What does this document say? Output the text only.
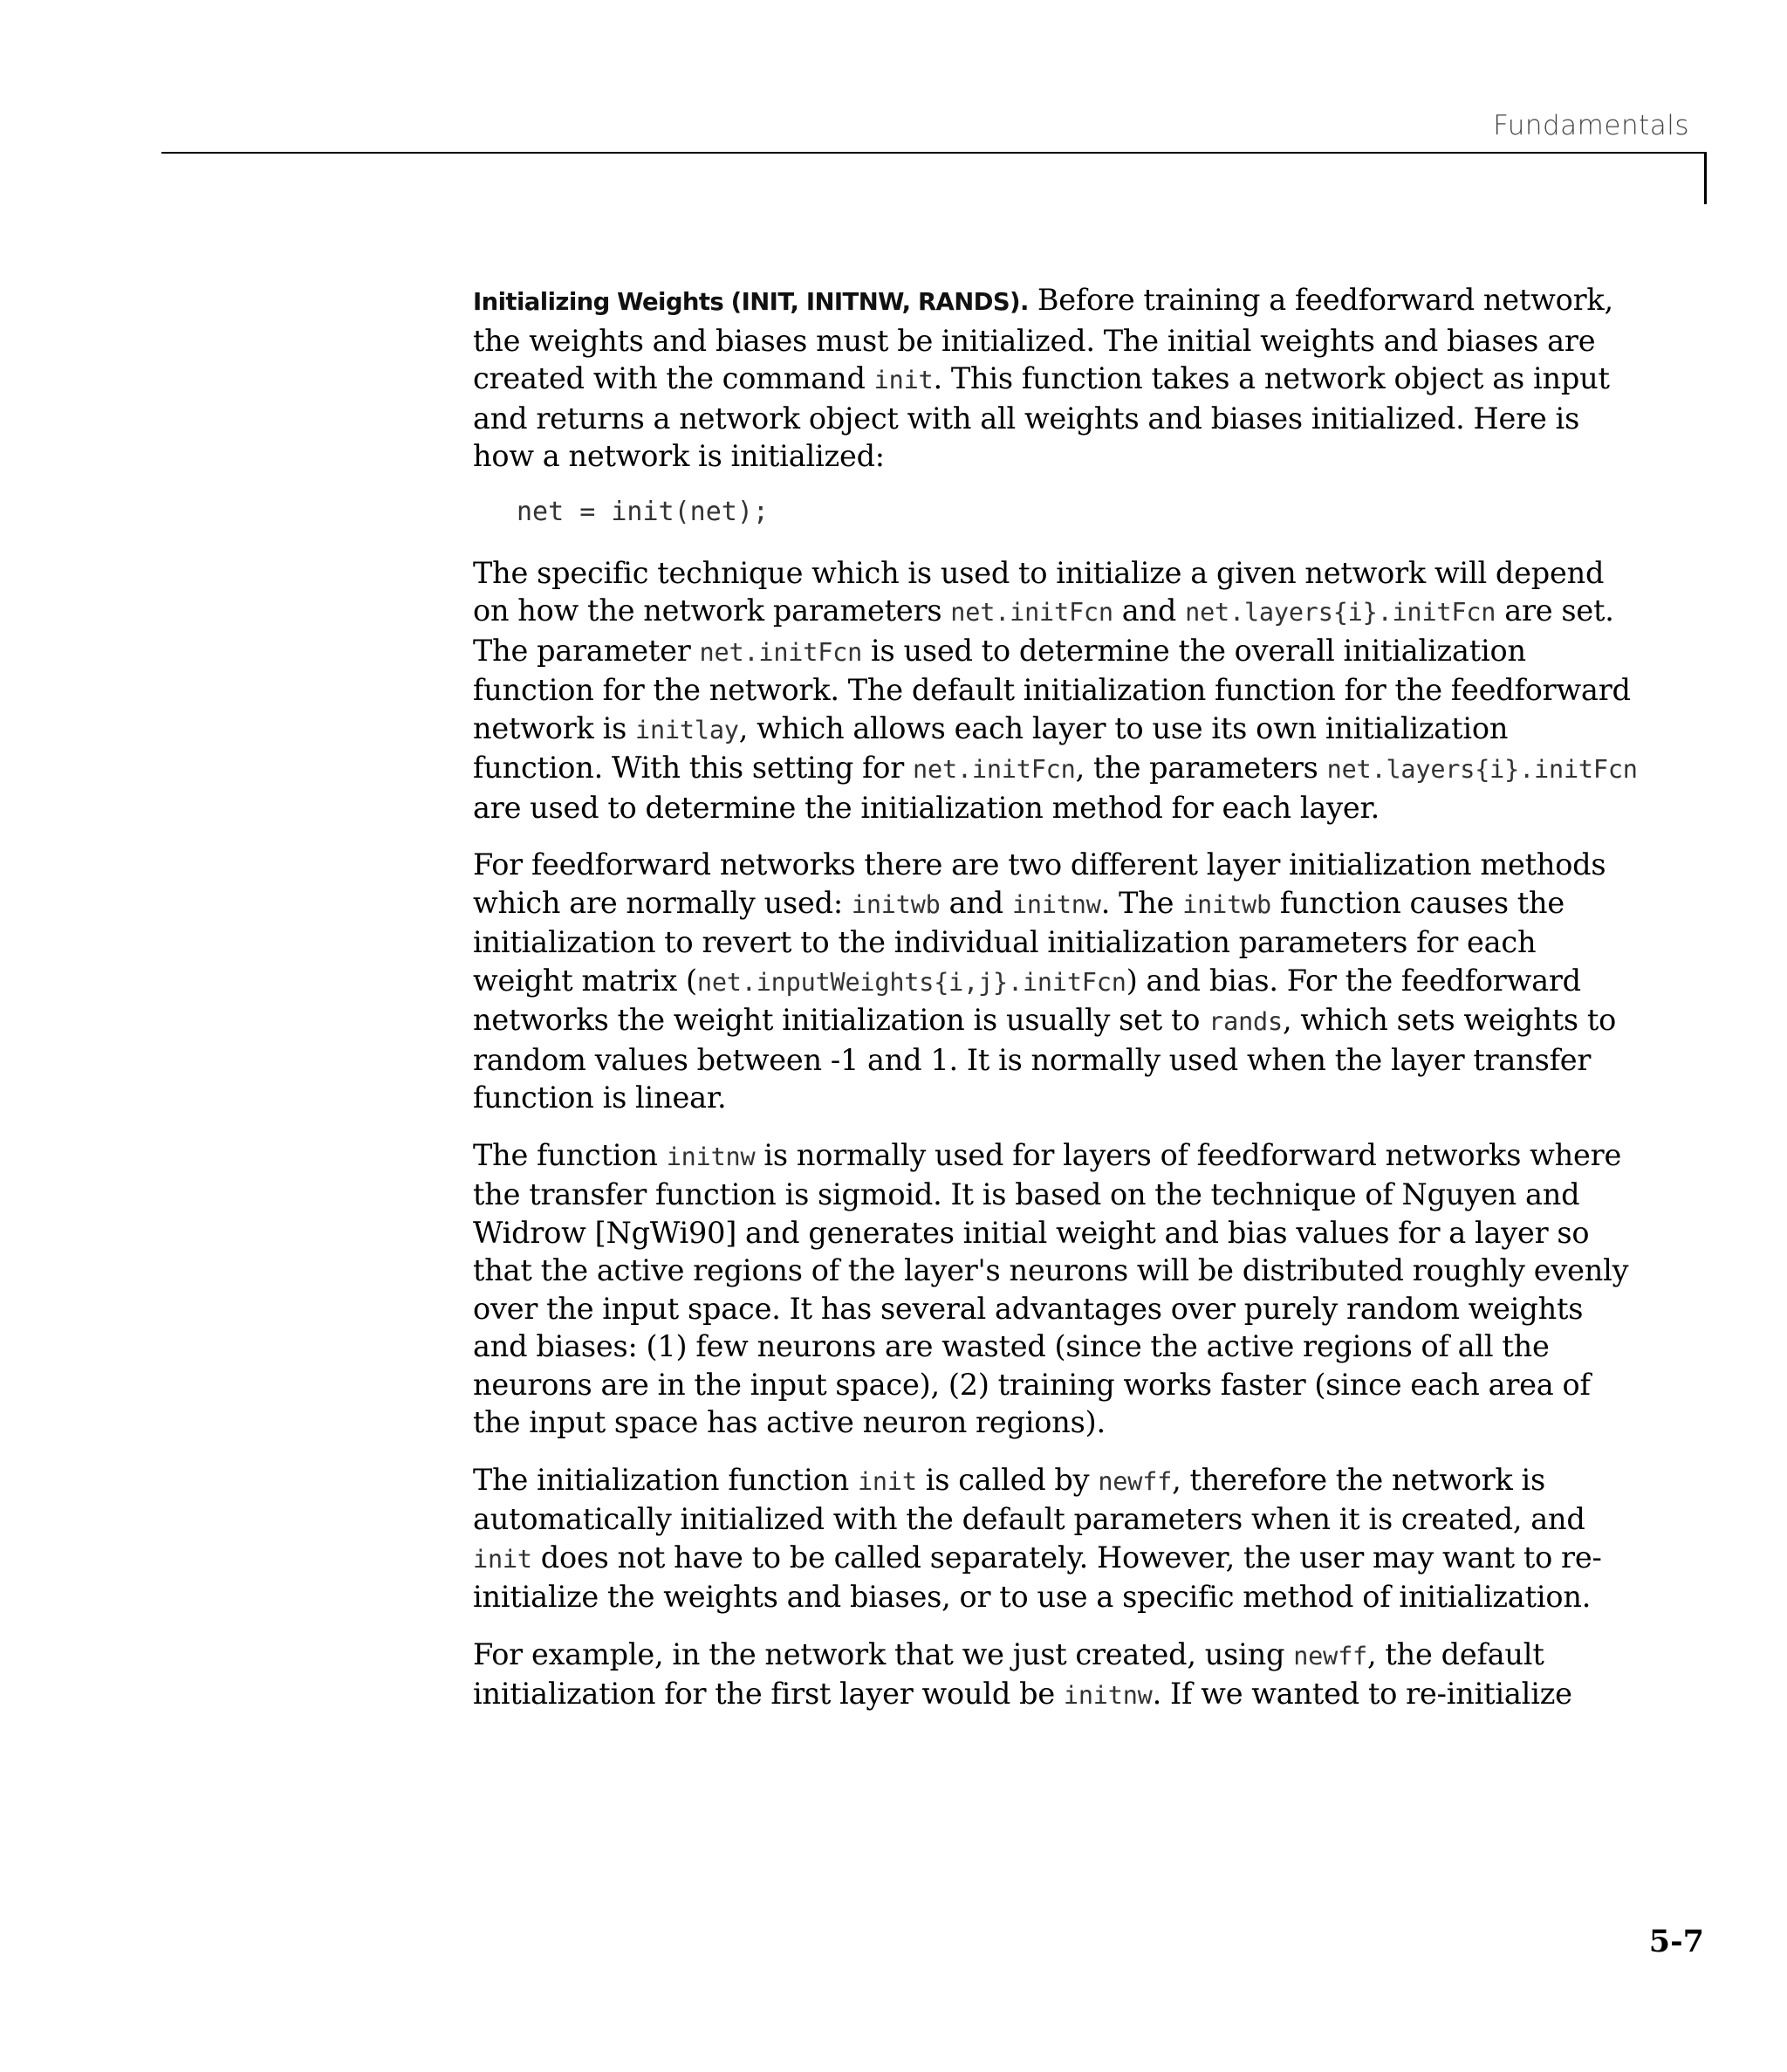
Fundamentals

Initializing Weights (INIT, INITNW, RANDS). Before training a feedforward network, the weights and biases must be initialized. The initial weights and biases are created with the command init. This function takes a network object as input and returns a network object with all weights and biases initialized. Here is how a network is initialized:

net = init(net);

The specific technique which is used to initialize a given network will depend on how the network parameters net.initFcn and net.layers{i}.initFcn are set. The parameter net.initFcn is used to determine the overall initialization function for the network. The default initialization function for the feedforward network is initlay, which allows each layer to use its own initialization function. With this setting for net.initFcn, the parameters net.layers{i}.initFcn are used to determine the initialization method for each layer.

For feedforward networks there are two different layer initialization methods which are normally used: initwb and initnw. The initwb function causes the initialization to revert to the individual initialization parameters for each weight matrix (net.inputWeights{i,j}.initFcn) and bias. For the feedforward networks the weight initialization is usually set to rands, which sets weights to random values between -1 and 1. It is normally used when the layer transfer function is linear.

The function initnw is normally used for layers of feedforward networks where the transfer function is sigmoid. It is based on the technique of Nguyen and Widrow [NgWi90] and generates initial weight and bias values for a layer so that the active regions of the layer's neurons will be distributed roughly evenly over the input space. It has several advantages over purely random weights and biases: (1) few neurons are wasted (since the active regions of all the neurons are in the input space), (2) training works faster (since each area of the input space has active neuron regions).

The initialization function init is called by newff, therefore the network is automatically initialized with the default parameters when it is created, and init does not have to be called separately. However, the user may want to re-initialize the weights and biases, or to use a specific method of initialization.

For example, in the network that we just created, using newff, the default initialization for the first layer would be initnw. If we wanted to re-initialize

5-7
